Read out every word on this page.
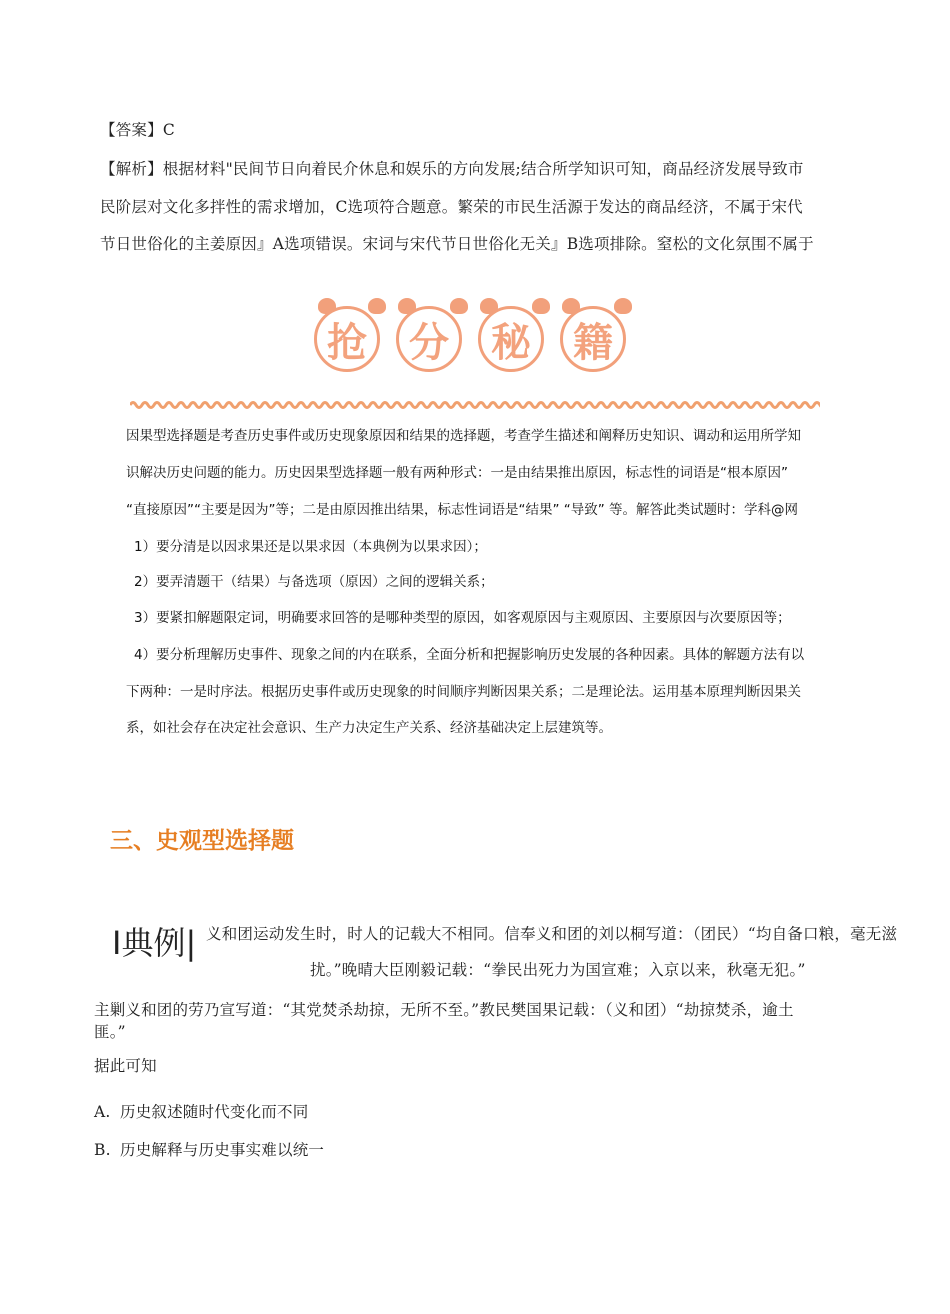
【答案】C
【解析】根据材料"民间节日向着民介休息和娱乐的方向发展;结合所学知识可知，商品经济发展导致市
民阶层对文化多拌性的需求增加，C选项符合题意。繁荣的市民生活源于发达的商品经济，不属于宋代
节日世俗化的主姜原因』A选项错误。宋词与宋代节日世俗化无关』B选项排除。窒松的文化氛围不属于
抢	分	秘	籍
因果型选择题是考查历史事件或历史现象原因和结果的选择题，考查学生描述和阐释历史知识、调动和运用所学知
识解决历史问题的能力。历史因果型选择题一般有两种形式：一是由结果推出原因，标志性的词语是“根本原因”
“直接原因”“主要是因为”等；二是由原因推出结果，标志性词语是“结果” “导致” 等。解答此类试题时：学科@网
1）要分清是以因求果还是以果求因（本典例为以果求因）；
2）要弄清题干（结果）与备选项（原因）之间的逻辑关系；
3）要紧扣解题限定词，明确要求回答的是哪种类型的原因，如客观原因与主观原因、主要原因与次要原因等；
4）要分析理解历史事件、现象之间的内在联系，全面分析和把握影响历史发展的各种因素。具体的解题方法有以
下两种：一是时序法。根据历史事件或历史现象的时间顺序判断因果关系；二是理论法。运用基本原理判断因果关
系，如社会存在决定社会意识、生产力决定生产关系、经济基础决定上层建筑等。
三、史观型选择题
义和团运动发生时，时人的记载大不相同。信奉义和团的刘以桐写道：（团民）“均自备口粮，毫无滋
I典例|
扰。”晚晴大臣刚毅记载：“拳民出死力为国宣难；入京以来，秋毫无犯。”
主剿义和团的劳乃宣写道：“其党焚杀劫掠，无所不至。”教民樊国果记载：（义和团）“劫掠焚杀，逾土
匪。”
据此可知
A. 历史叙述随时代变化而不同
B. 历史解释与历史事实难以统一
